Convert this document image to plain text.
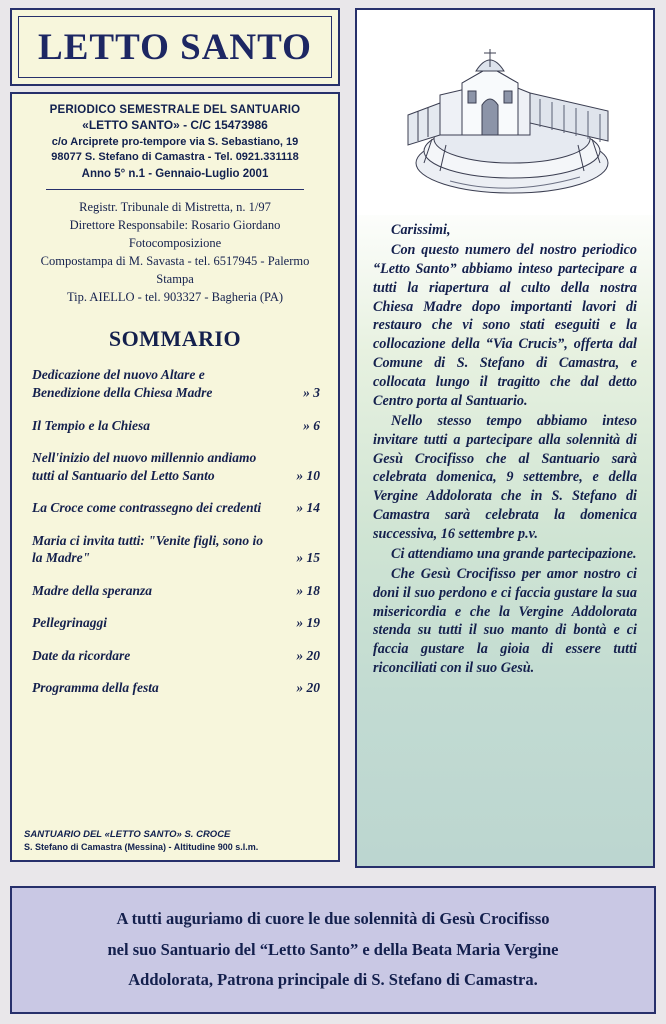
LETTO SANTO
PERIODICO SEMESTRALE DEL SANTUARIO
«LETTO SANTO» - C/C 15473986
c/o Arciprete pro-tempore via S. Sebastiano, 19
98077 S. Stefano di Camastra - Tel. 0921.331118
Anno 5° n.1 - Gennaio-Luglio 2001
Registr. Tribunale di Mistretta, n. 1/97
Direttore Responsabile: Rosario Giordano
Fotocomposizione
Compostampa di M. Savasta - tel. 6517945 - Palermo
Stampa
Tip. AIELLO - tel. 903327 - Bagheria (PA)
SOMMARIO
Dedicazione del nuovo Altare e Benedizione della Chiesa Madre	» 3
Il Tempio e la Chiesa	» 6
Nell'inizio del nuovo millennio andiamo tutti al Santuario del Letto Santo	» 10
La Croce come contrassegno dei credenti	» 14
Maria ci invita tutti: "Venite figli, sono io la Madre"	» 15
Madre della speranza	» 18
Pellegrinaggi	» 19
Date da ricordare	» 20
Programma della festa	» 20
SANTUARIO DEL «LETTO SANTO» S. CROCE
S. Stefano di Camastra (Messina) - Altitudine 900 s.l.m.

Carissimi,

Con questo numero del nostro periodico “Letto Santo” abbiamo inteso partecipare a tutti la riapertura al culto della nostra Chiesa Madre dopo importanti lavori di restauro che vi sono stati eseguiti e la collocazione della “Via Crucis”, offerta dal Comune di S. Stefano di Camastra, e collocata lungo il tragitto che dal detto Centro porta al Santuario.

Nello stesso tempo abbiamo inteso invitare tutti a partecipare alla solennità di Gesù Crocifisso che al Santuario sarà celebrata domenica, 9 settembre, e della Vergine Addolorata che in S. Stefano di Camastra sarà celebrata la domenica successiva, 16 settembre p.v.

Ci attendiamo una grande partecipazione.

Che Gesù Crocifisso per amor nostro ci doni il suo perdono e ci faccia gustare la sua misericordia e che la Vergine Addolorata stenda su tutti il suo manto di bontà e ci faccia gustare la gioia di essere tutti riconciliati con il suo Gesù.

A tutti auguriamo di cuore le due solennità di Gesù Crocifisso
nel suo Santuario del “Letto Santo” e della Beata Maria Vergine
Addolorata, Patrona principale di S. Stefano di Camastra.
